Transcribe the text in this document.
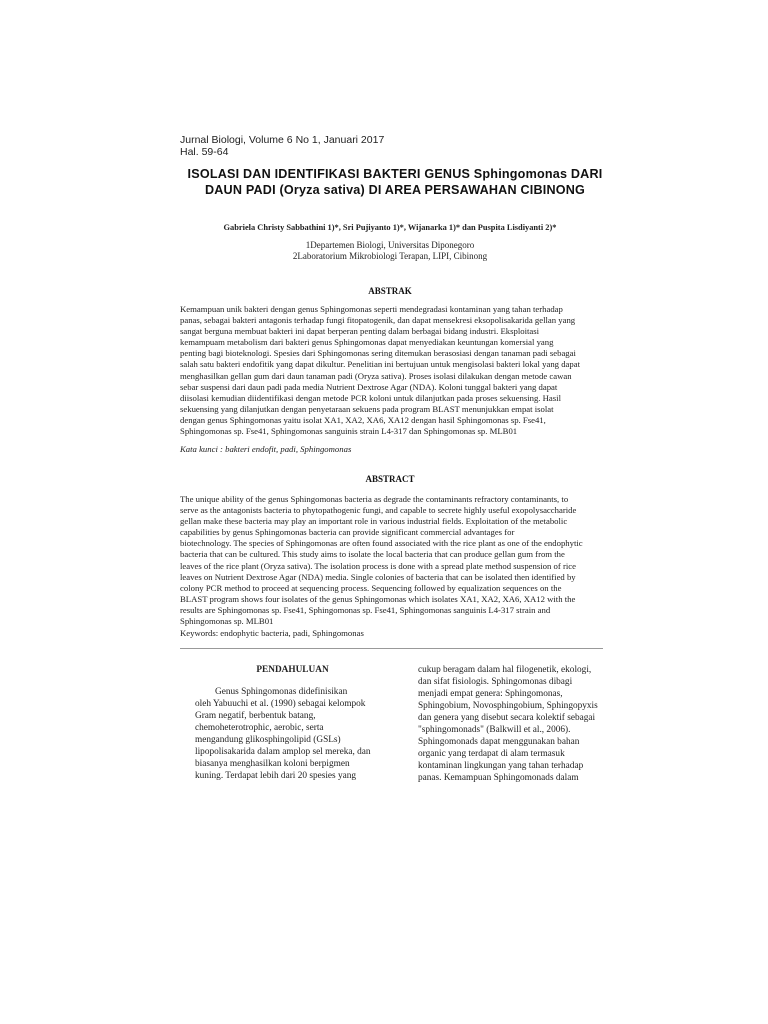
Jurnal Biologi, Volume 6 No 1, Januari 2017
Hal. 59-64
ISOLASI DAN IDENTIFIKASI BAKTERI GENUS Sphingomonas DARI
DAUN PADI (Oryza sativa) DI AREA PERSAWAHAN CIBINONG
Gabriela Christy Sabbathini 1)*, Sri Pujiyanto 1)*, Wijanarka 1)* dan Puspita Lisdiyanti 2)*
1Departemen Biologi, Universitas Diponegoro
2Laboratorium Mikrobiologi Terapan, LIPI, Cibinong
ABSTRAK
Kemampuan unik bakteri dengan genus Sphingomonas seperti mendegradasi kontaminan yang tahan terhadap
panas, sebagai bakteri antagonis terhadap fungi fitopatogenik, dan dapat mensekresi eksopolisakarida gellan yang
sangat berguna membuat bakteri ini dapat berperan penting dalam berbagai bidang industri. Eksploitasi
kemampuam metabolism dari bakteri genus Sphingomonas dapat menyediakan keuntungan komersial yang
penting bagi bioteknologi. Spesies dari Sphingomonas sering ditemukan berasosiasi dengan tanaman padi sebagai
salah satu bakteri endofitik yang dapat dikultur. Penelitian ini bertujuan untuk mengisolasi bakteri lokal yang dapat
menghasilkan gellan gum dari daun tanaman padi (Oryza sativa). Proses isolasi dilakukan dengan metode cawan
sebar suspensi dari daun padi pada media Nutrient Dextrose Agar (NDA). Koloni tunggal bakteri yang dapat
diisolasi kemudian diidentifikasi dengan metode PCR koloni untuk dilanjutkan pada proses sekuensing. Hasil
sekuensing yang dilanjutkan dengan penyetaraan sekuens pada program BLAST menunjukkan empat isolat
dengan genus Sphingomonas yaitu isolat XA1, XA2, XA6, XA12 dengan hasil Sphingomonas sp. Fse41,
Sphingomonas sp. Fse41, Sphingomonas sanguinis strain L4-317 dan Sphingomonas sp. MLB01
Kata kunci : bakteri endofit, padi, Sphingomonas
ABSTRACT
The unique ability of the genus Sphingomonas bacteria as degrade the contaminants refractory contaminants, to
serve as the antagonists bacteria to phytopathogenic fungi, and capable to secrete highly useful exopolysaccharide
gellan make these bacteria may play an important role in various industrial fields. Exploitation of the metabolic
capabilities by genus Sphingomonas bacteria can provide significant commercial advantages for
biotechnology. The species of Sphingomonas are often found associated with the rice plant as one of the endophytic
bacteria that can be cultured. This study aims to isolate the local bacteria that can produce gellan gum from the
leaves of the rice plant (Oryza sativa). The isolation process is done with a spread plate method suspension of rice
leaves on Nutrient Dextrose Agar (NDA) media. Single colonies of bacteria that can be isolated then identified by
colony PCR method to proceed at sequencing process. Sequencing followed by equalization sequences on the
BLAST program shows four isolates of the genus Sphingomonas which isolates XA1, XA2, XA6, XA12 with the
results are Sphingomonas sp. Fse41, Sphingomonas sp. Fse41, Sphingomonas sanguinis L4-317 strain and
Sphingomonas sp. MLB01
Keywords: endophytic bacteria, padi, Sphingomonas
PENDAHULUAN
Genus Sphingomonas didefinisikan
oleh Yabuuchi et al. (1990) sebagai kelompok
Gram negatif, berbentuk batang,
chemoheterotrophic, aerobic, serta
mengandung glikosphingolipid (GSLs)
lipopolisakarida dalam amplop sel mereka, dan
biasanya menghasilkan koloni berpigmen
kuning. Terdapat lebih dari 20 spesies yang
cukup beragam dalam hal filogenetik, ekologi,
dan sifat fisiologis. Sphingomonas dibagi
menjadi empat genera: Sphingomonas,
Sphingobium, Novosphingobium, Sphingopyxis
dan genera yang disebut secara kolektif sebagai
"sphingomonads" (Balkwill et al., 2006).
Sphingomonads dapat menggunakan bahan
organic yang terdapat di alam termasuk
kontaminan lingkungan yang tahan terhadap
panas. Kemampuan Sphingomonads dalam
